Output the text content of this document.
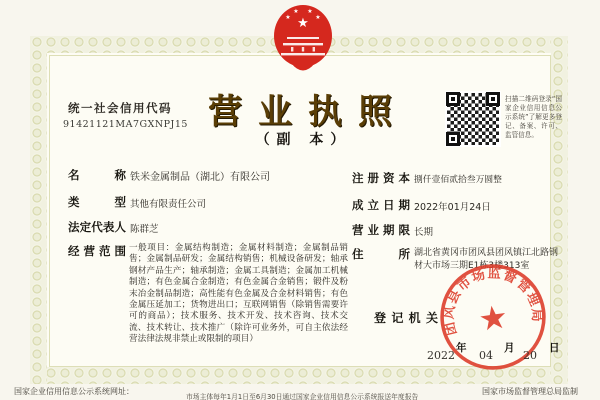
★
★
★ ★
★
营业执照
（副 本）
统一社会信用代码
91421121MA7GXNPJ15
扫描二维码登录“国家企业信用信息公示系统”了解更多登记、备案、许可、监管信息。
名称 铁米金属制品（湖北）有限公司
类型 其他有限责任公司
法定代表人 陈群芝
经营范围 一般项目：金属结构制造；金属材料制造；金属制品销售；金属制品研发；金属结构销售；机械设备研发；轴承钢材产品生产；轴承制造；金属工具制造；金属加工机械制造；有色金属合金制造；有色金属合金销售；锻件及粉末冶金制品制造；高性能有色金属及合金材料销售；有色金属压延加工；货物进出口；互联网销售（除销售需要许可的商品）；技术服务、技术开发、技术咨询、技术交流、技术转让、技术推广（除许可业务外，可自主依法经营法律法规非禁止或限制的项目）
注册资本 捌仟壹佰贰拾叁万圆整
成立日期 2022年01月24日
营业期限 长期
住所 湖北省黄冈市团风县团风镇江北路钢材大市场三期E1栋3楼313室
登记机关 ★
团风县市场监督管理局
2022
年
04
月
20
日
国家企业信用信息公示系统网址：
市场主体每年1月1日至6月30日通过国家企业信用信息公示系统报送年度报告
国家市场监督管理总局监制
